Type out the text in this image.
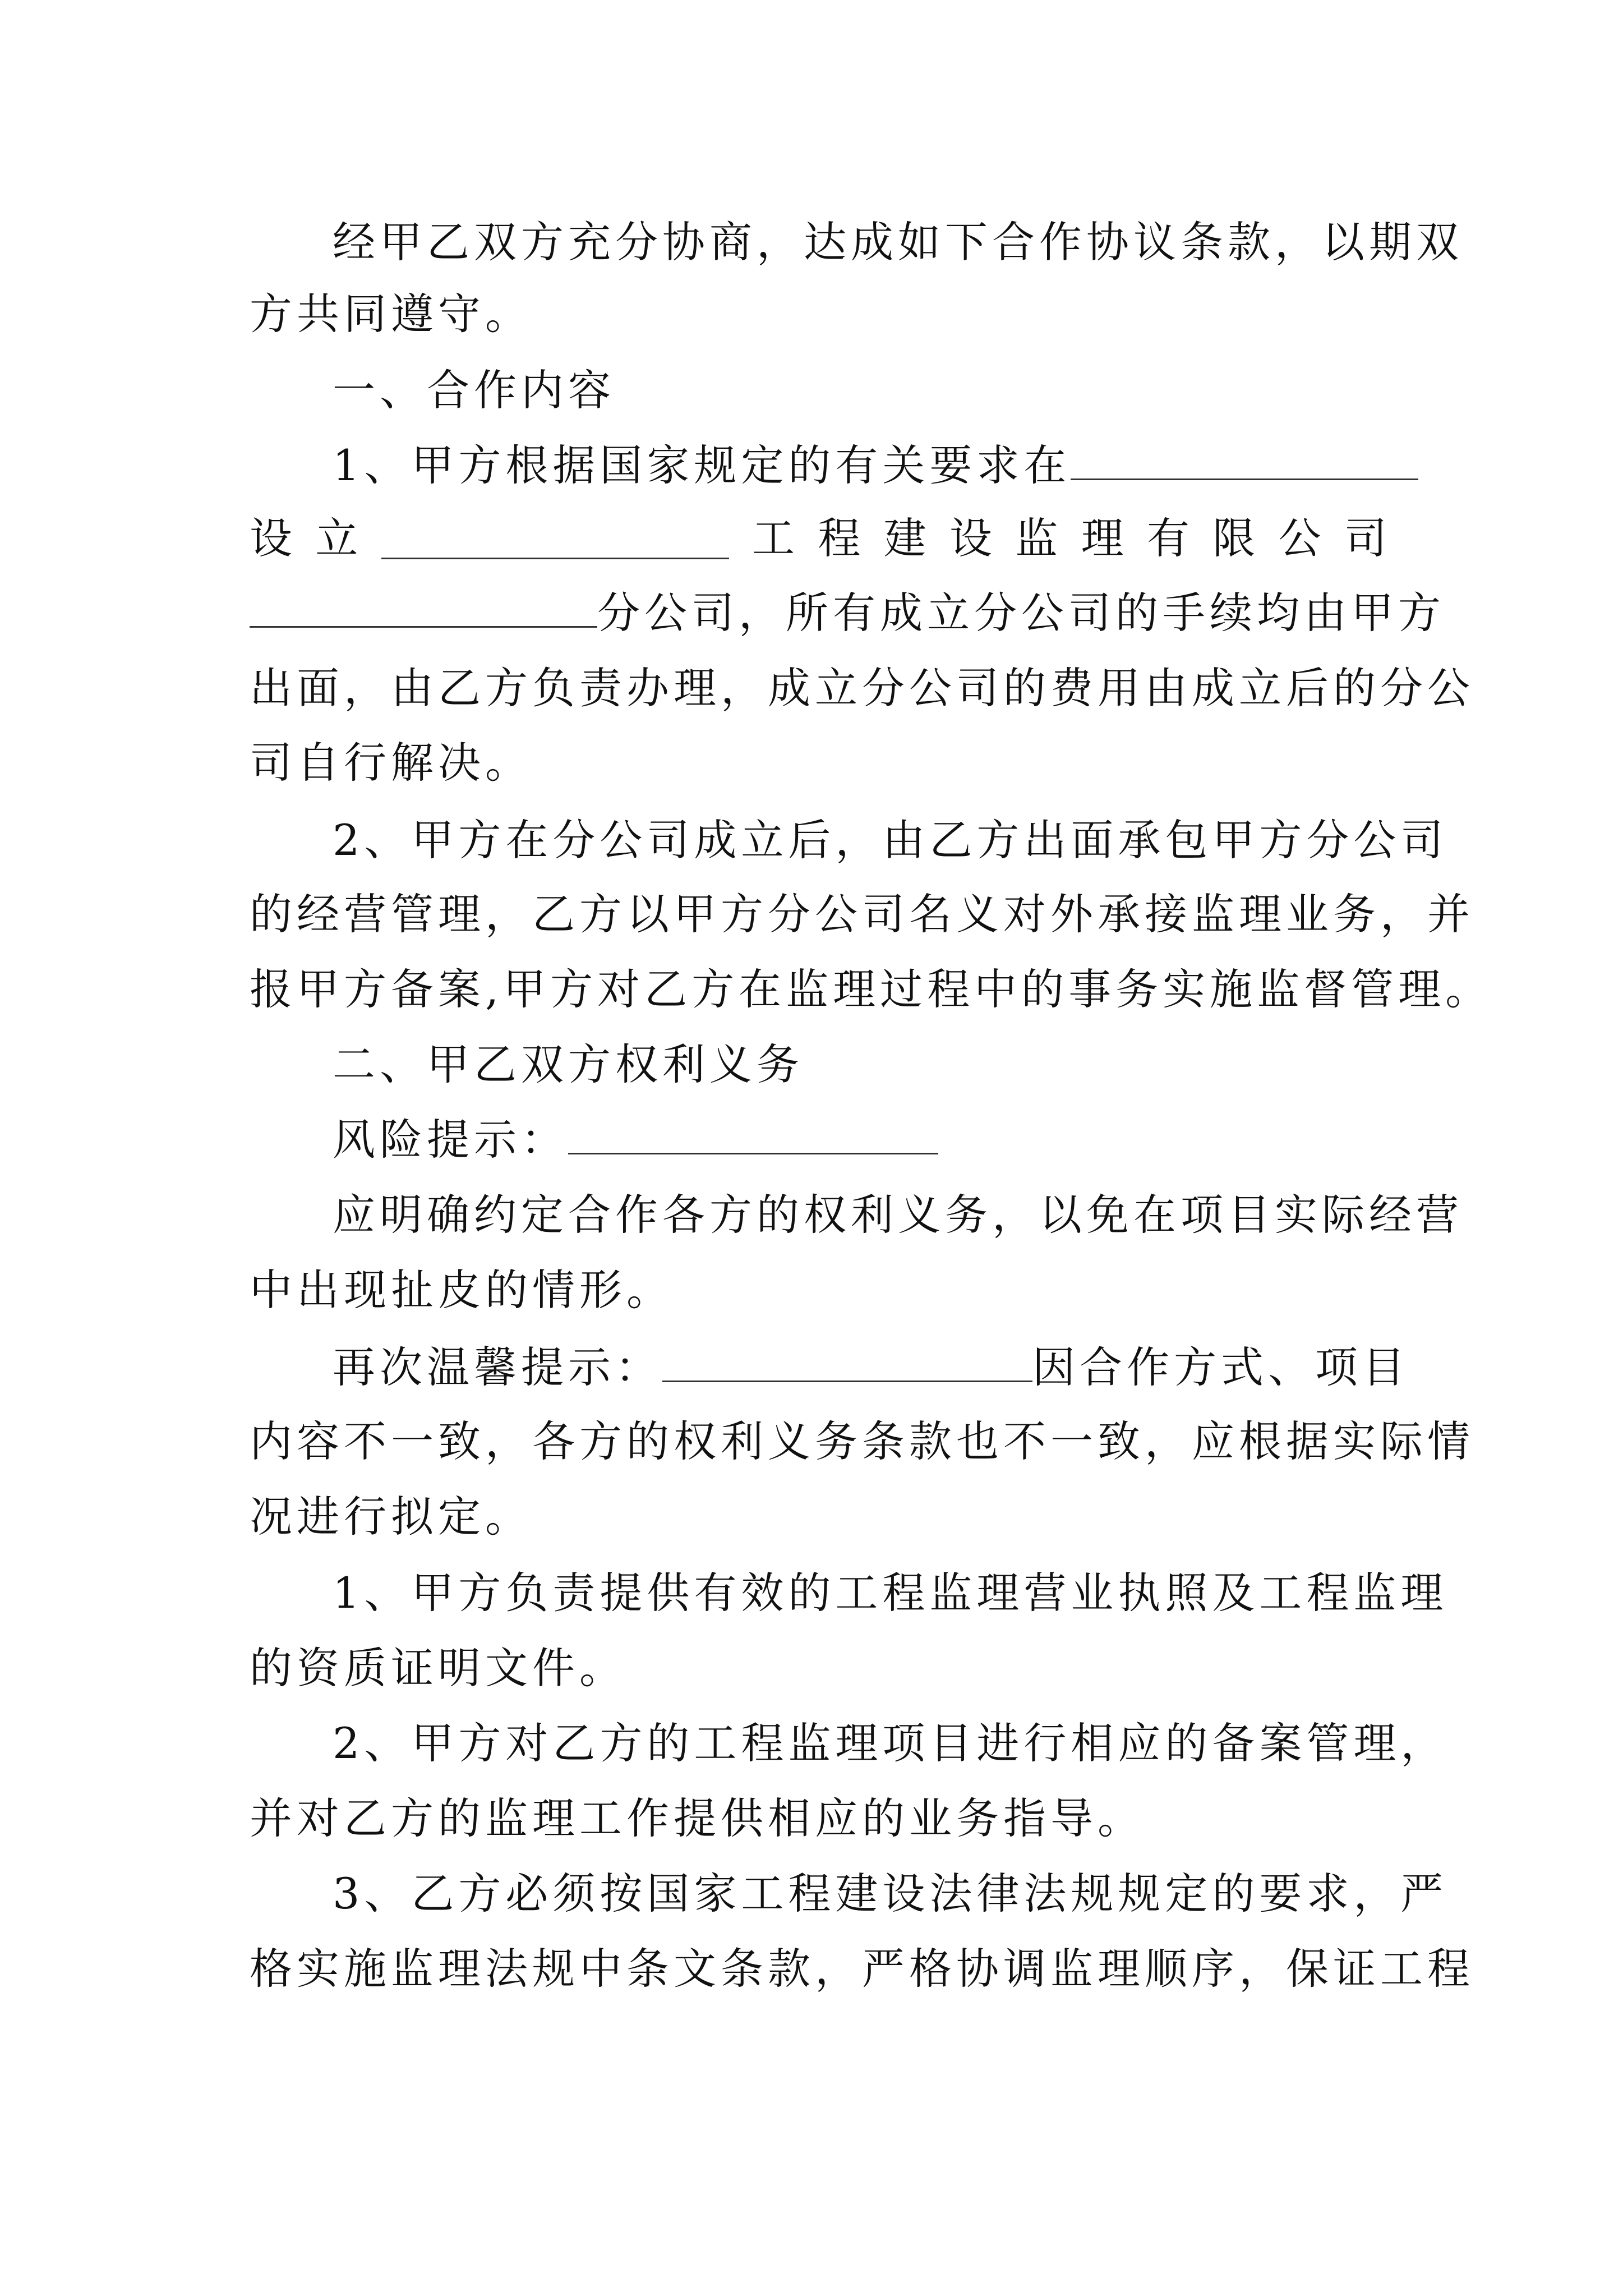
经甲乙双方充分协商，达成如下合作协议条款，以期双
方共同遵守。
一、合作内容
1、甲方根据国家规定的有关要求在
设 立	工 程 建 设 监 理 有 限 公 司
分公司，所有成立分公司的手续均由甲方
出面，由乙方负责办理，成立分公司的费用由成立后的分公
司自行解决。
2、甲方在分公司成立后，由乙方出面承包甲方分公司
的经营管理，乙方以甲方分公司名义对外承接监理业务，并
报甲方备案,甲方对乙方在监理过程中的事务实施监督管理。
二、甲乙双方权利义务
风险提示：
应明确约定合作各方的权利义务，以免在项目实际经营
中出现扯皮的情形。
再次温馨提示：	因合作方式、项目
内容不一致，各方的权利义务条款也不一致，应根据实际情
况进行拟定。
1、甲方负责提供有效的工程监理营业执照及工程监理
的资质证明文件。
2、甲方对乙方的工程监理项目进行相应的备案管理，
并对乙方的监理工作提供相应的业务指导。
3、乙方必须按国家工程建设法律法规规定的要求，严
格实施监理法规中条文条款，严格协调监理顺序，保证工程
